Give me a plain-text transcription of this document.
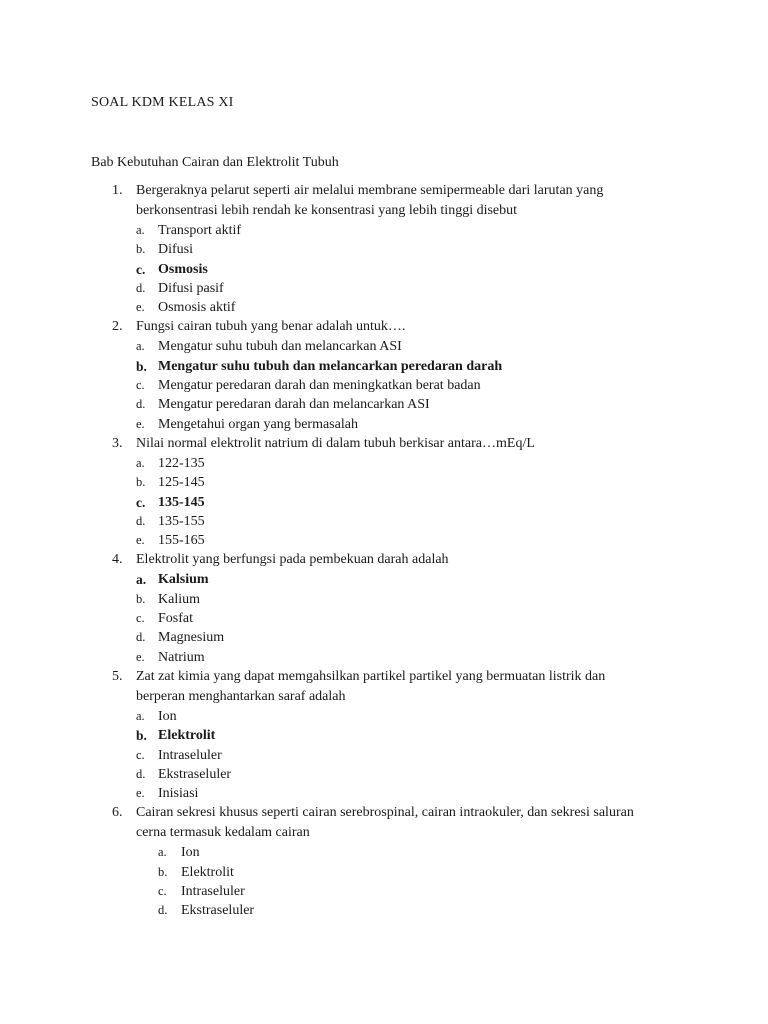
SOAL KDM KELAS XI
Bab Kebutuhan Cairan dan Elektrolit Tubuh
1. Bergeraknya pelarut seperti air melalui membrane semipermeable dari larutan yang
berkonsentrasi lebih rendah ke konsentrasi yang lebih tinggi disebut
a. Transport aktif
b. Difusi
c. Osmosis
d. Difusi pasif
e. Osmosis aktif
2. Fungsi cairan tubuh yang benar adalah untuk….
a. Mengatur suhu tubuh dan melancarkan ASI
b. Mengatur suhu tubuh dan melancarkan peredaran darah
c. Mengatur peredaran darah dan meningkatkan berat badan
d. Mengatur peredaran darah dan melancarkan ASI
e. Mengetahui organ yang bermasalah
3. Nilai normal elektrolit natrium di dalam tubuh berkisar antara…mEq/L
a. 122-135
b. 125-145
c. 135-145
d. 135-155
e. 155-165
4. Elektrolit yang berfungsi pada pembekuan darah adalah
a. Kalsium
b. Kalium
c. Fosfat
d. Magnesium
e. Natrium
5. Zat zat kimia yang dapat memgahsilkan partikel partikel yang bermuatan listrik dan
berperan menghantarkan saraf adalah
a. Ion
b. Elektrolit
c. Intraseluler
d. Ekstraseluler
e. Inisiasi
6. Cairan sekresi khusus seperti cairan serebrospinal, cairan intraokuler, dan sekresi saluran
cerna termasuk kedalam cairan
a. Ion
b. Elektrolit
c. Intraseluler
d. Ekstraseluler
